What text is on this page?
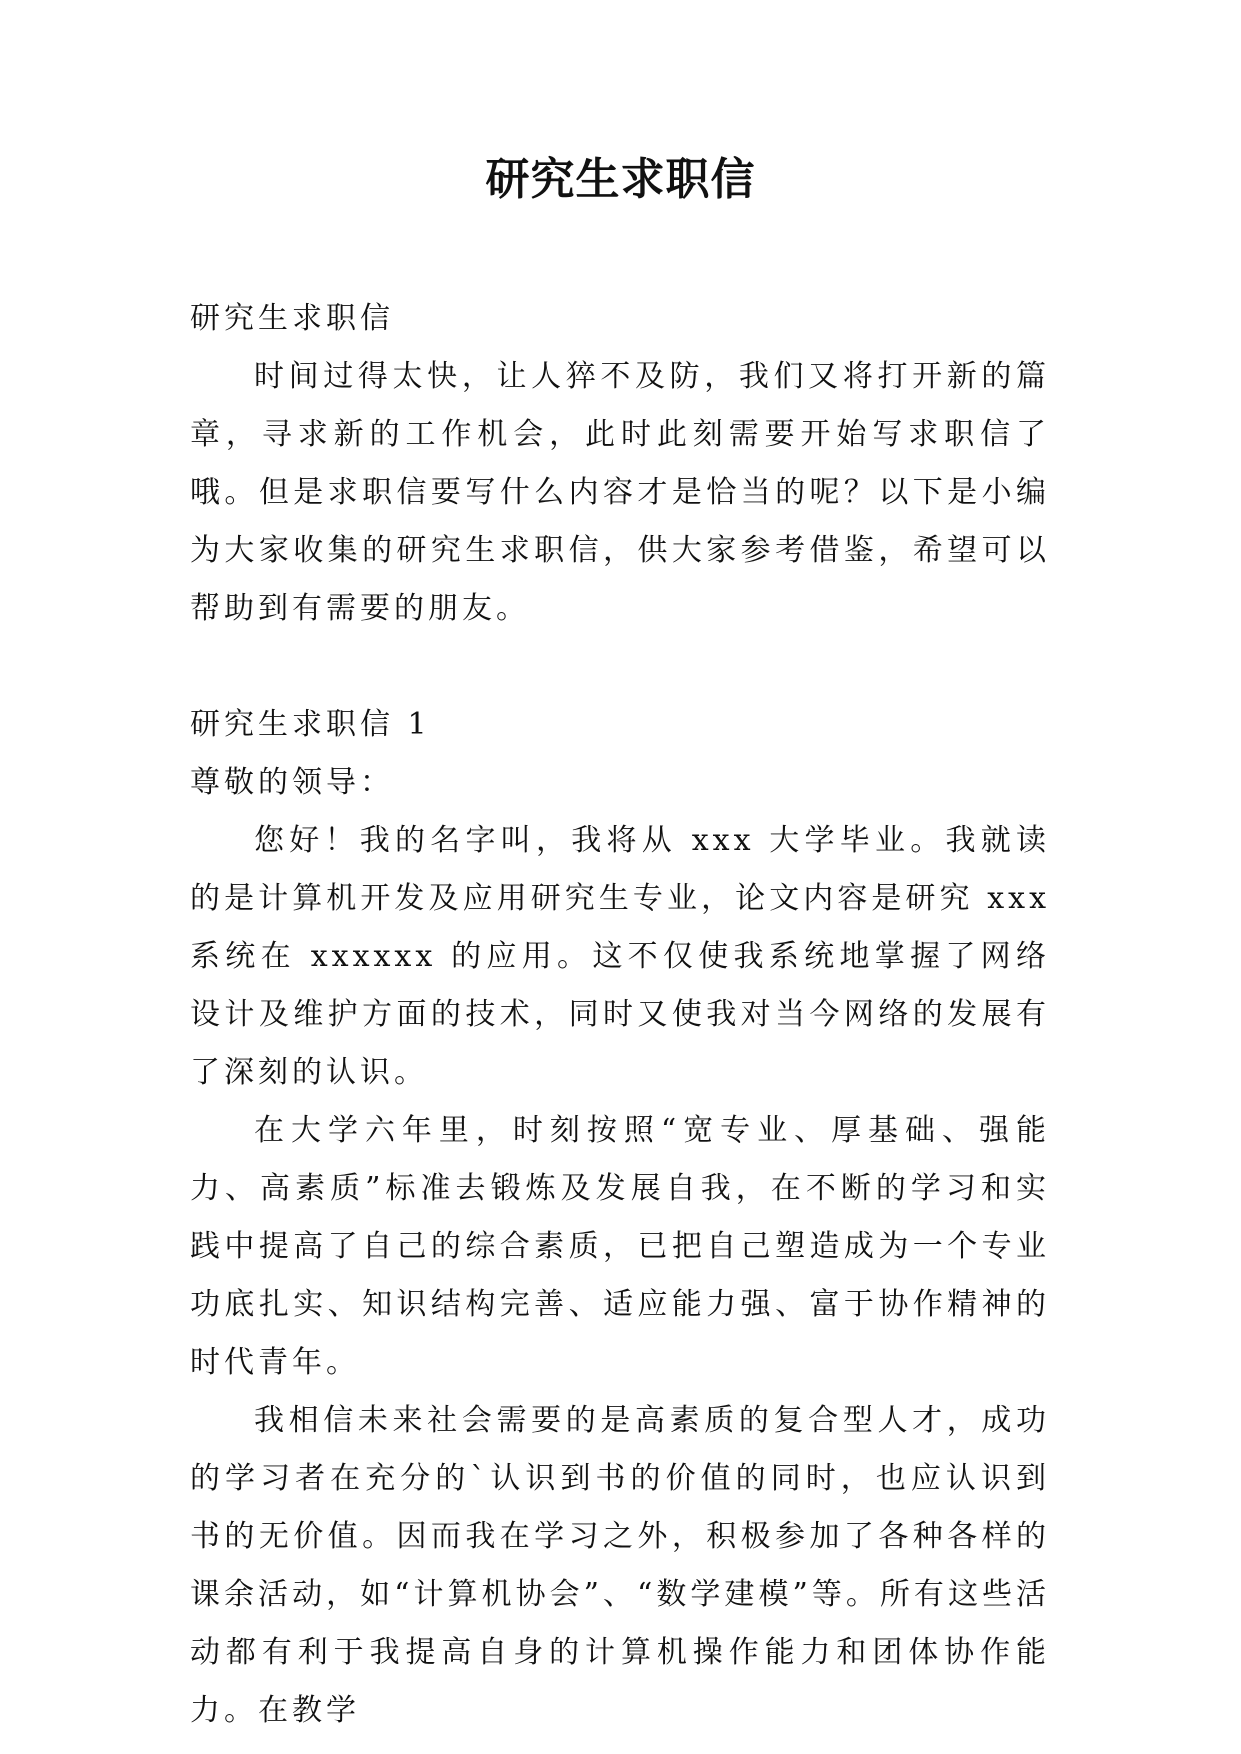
研究生求职信
研究生求职信

时间过得太快，让人猝不及防，我们又将打开新的篇章，寻求新的工作机会，此时此刻需要开始写求职信了哦。但是求职信要写什么内容才是恰当的呢？以下是小编为大家收集的研究生求职信，供大家参考借鉴，希望可以帮助到有需要的朋友。

研究生求职信 1
尊敬的领导：

您好！我的名字叫，我将从 xxx 大学毕业。我就读的是计算机开发及应用研究生专业，论文内容是研究 xxx 系统在 xxxxxx 的应用。这不仅使我系统地掌握了网络设计及维护方面的技术，同时又使我对当今网络的发展有了深刻的认识。

在大学六年里，时刻按照“宽专业、厚基础、强能力、高素质”标准去锻炼及发展自我，在不断的学习和实践中提高了自己的综合素质，已把自己塑造成为一个专业功底扎实、知识结构完善、适应能力强、富于协作精神的时代青年。

我相信未来社会需要的是高素质的复合型人才，成功的学习者在充分的`认识到书的价值的同时，也应认识到书的无价值。因而我在学习之外，积极参加了各种各样的课余活动，如“计算机协会”、“数学建模”等。所有这些活动都有利于我提高自身的计算机操作能力和团体协作能力。在教学
